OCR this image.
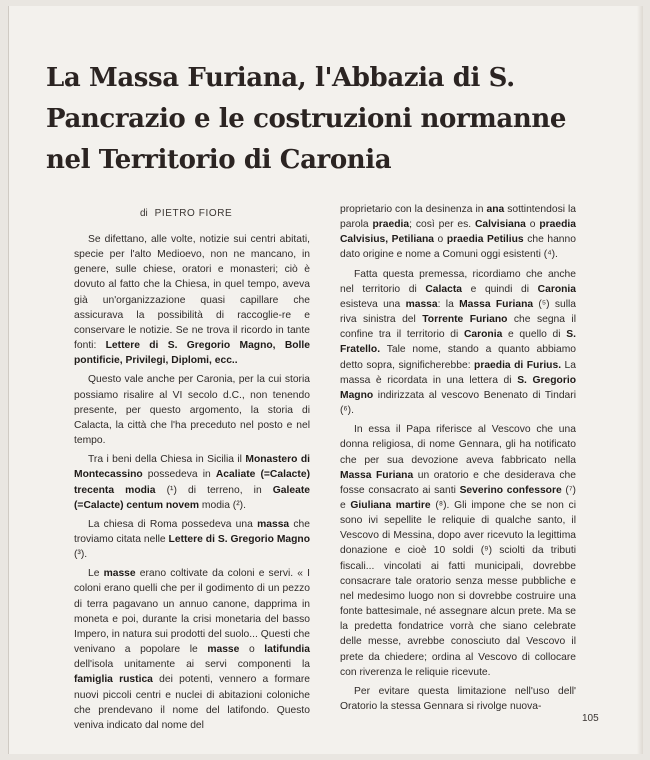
La Massa Furiana, l'Abbazia di S. Pancrazio e le costruzioni normanne nel Territorio di Caronia
di PIETRO FIORE

Se difettano, alle volte, notizie sui centri abitati, specie per l'alto Medioevo, non ne mancano, in genere, sulle chiese, oratori e monasteri; ciò è dovuto al fatto che la Chiesa, in quel tempo, aveva già un'organizzazione quasi capillare che assicurava la possibilità di raccoglie-re e conservare le notizie. Se ne trova il ricordo in tante fonti: Lettere di S. Gregorio Magno, Bolle pontificie, Privilegi, Diplomi, ecc..

Questo vale anche per Caronia, per la cui storia possiamo risalire al VI secolo d.C., non tenendo presente, per questo argomento, la storia di Calacta, la città che l'ha preceduto nel posto e nel tempo.

Tra i beni della Chiesa in Sicilia il Monastero di Montecassino possedeva in Acaliate (=Calacte) trecenta modia (¹) di terreno, in Galeate (=Calacte) centum novem modia (²).

La chiesa di Roma possedeva una massa che troviamo citata nelle Lettere di S. Gregorio Magno (³).

Le masse erano coltivate da coloni e servi. « I coloni erano quelli che per il godimento di un pezzo di terra pagavano un annuo canone, dapprima in moneta e poi, durante la crisi monetaria del basso Impero, in natura sui prodotti del suolo... Questi che venivano a popolare le masse o latifundia dell'isola unitamente ai servi componenti la famiglia rustica dei potenti, vennero a formare nuovi piccoli centri e nuclei di abitazioni coloniche che prendevano il nome del latifondo. Questo veniva indicato dal nome del

proprietario con la desinenza in ana sottintendosi la parola praedia; così per es. Calvisiana o praedia Calvisius, Petiliana o praedia Petilius che hanno dato origine e nome a Comuni oggi esistenti (⁴).

Fatta questa premessa, ricordiamo che anche nel territorio di Calacta e quindi di Caronia esisteva una massa: la Massa Furiana (⁵) sulla riva sinistra del Torrente Furiano che segna il confine tra il territorio di Caronia e quello di S. Fratello. Tale nome, stando a quanto abbiamo detto sopra, significherebbe: praedia di Furius. La massa è ricordata in una lettera di S. Gregorio Magno indirizzata al vescovo Benenato di Tindari (⁶).

In essa il Papa riferisce al Vescovo che una donna religiosa, di nome Gennara, gli ha notificato che per sua devozione aveva fabbricato nella Massa Furiana un oratorio e che desiderava che fosse consacrato ai santi Severino confessore (⁷) e Giuliana martire (⁸). Gli impone che se non ci sono ivi sepellite le reliquie di qualche santo, il Vescovo di Messina, dopo aver ricevuto la legittima donazione e cioè 10 soldi (⁹) sciolti da tributi fiscali... vincolati ai fatti municipali, dovrebbe consacrare tale oratorio senza messe pubbliche e nel medesimo luogo non si dovrebbe costruire una fonte battesimale, né assegnare alcun prete. Ma se la predetta fondatrice vorrà che siano celebrate delle messe, avrebbe conosciuto dal Vescovo il prete da chiedere; ordina al Vescovo di collocare con riverenza le reliquie ricevute.

Per evitare questa limitazione nell'uso dell' Oratorio la stessa Gennara si rivolge nuova-

105
